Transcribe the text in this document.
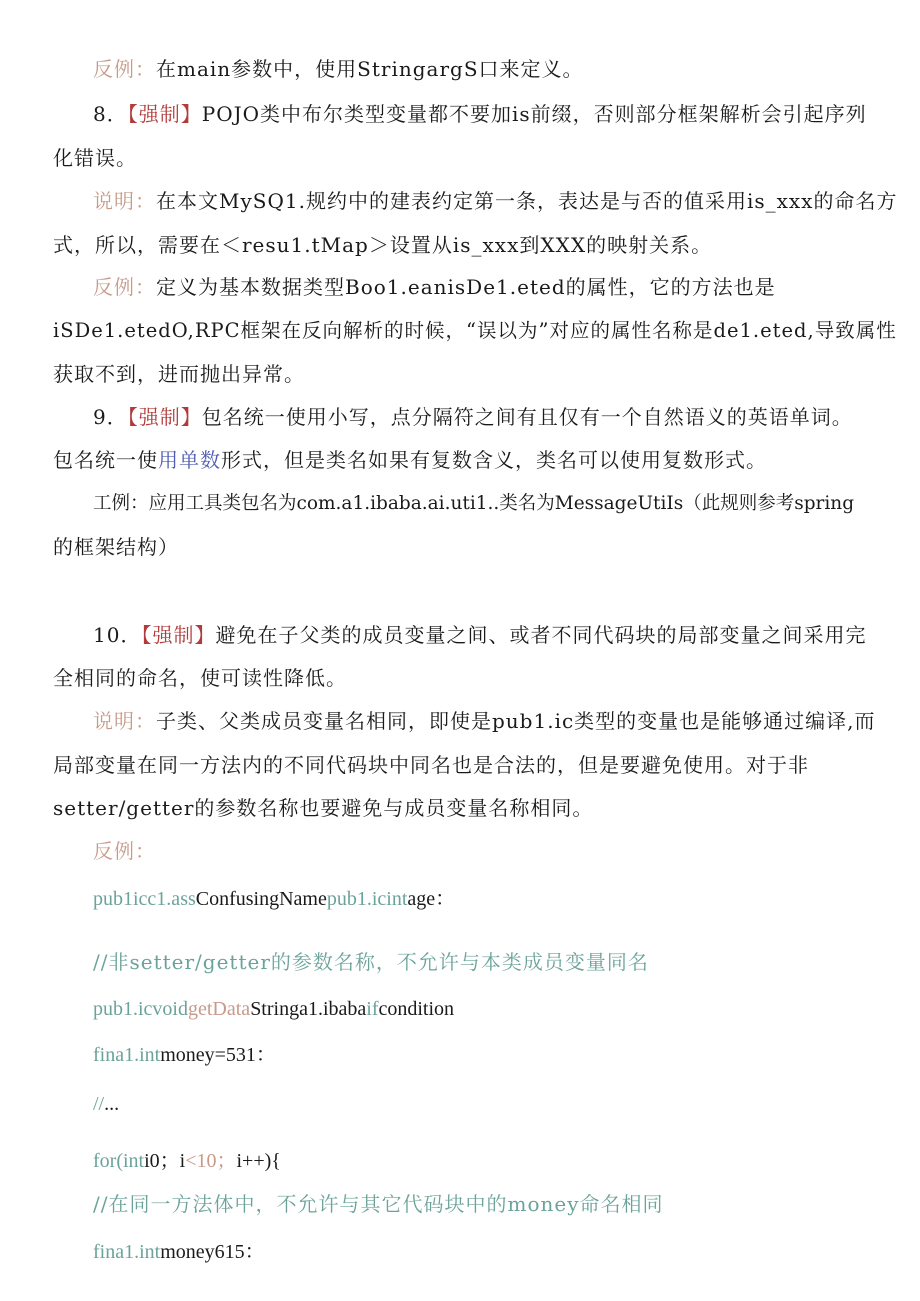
反例：在main参数中，使用StringargS口来定义。
8．【强制】POJO类中布尔类型变量都不要加is前缀，否则部分框架解析会引起序列
化错误。
说明：在本文MySQ1.规约中的建表约定第一条，表达是与否的值采用is_xxx的命名方
式，所以，需要在＜resu1.tMap＞设置从is_xxx到XXX的映射关系。
反例：定义为基本数据类型Boo1.eanisDe1.eted的属性，它的方法也是
iSDe1.etedO,RPC框架在反向解析的时候，“误以为”对应的属性名称是de1.eted,导致属性
获取不到，进而抛出异常。
9．【强制】包名统一使用小写，点分隔符之间有且仅有一个自然语义的英语单词。
包名统一使用单数形式，但是类名如果有复数含义，类名可以使用复数形式。
工例：应用工具类包名为com.a1.ibaba.ai.uti1..类名为MessageUtiIs（此规则参考spring
的框架结构）
10．【强制】避免在子父类的成员变量之间、或者不同代码块的局部变量之间采用完
全相同的命名，使可读性降低。
说明：子类、父类成员变量名相同，即使是pub1.ic类型的变量也是能够通过编译,而
局部变量在同一方法内的不同代码块中同名也是合法的，但是要避免使用。对于非
setter/getter的参数名称也要避免与成员变量名称相同。
反例：
pub1icc1.assConfusingNamepub1.icintage：
//非setter/getter的参数名称，不允许与本类成员变量同名
pub1.icvoidgetDataStringa1.ibabaifcondition
fina1.intmoney=531：
//...
for(inti0；i<10；i++){
//在同一方法体中，不允许与其它代码块中的money命名相同
fina1.intmoney615：
